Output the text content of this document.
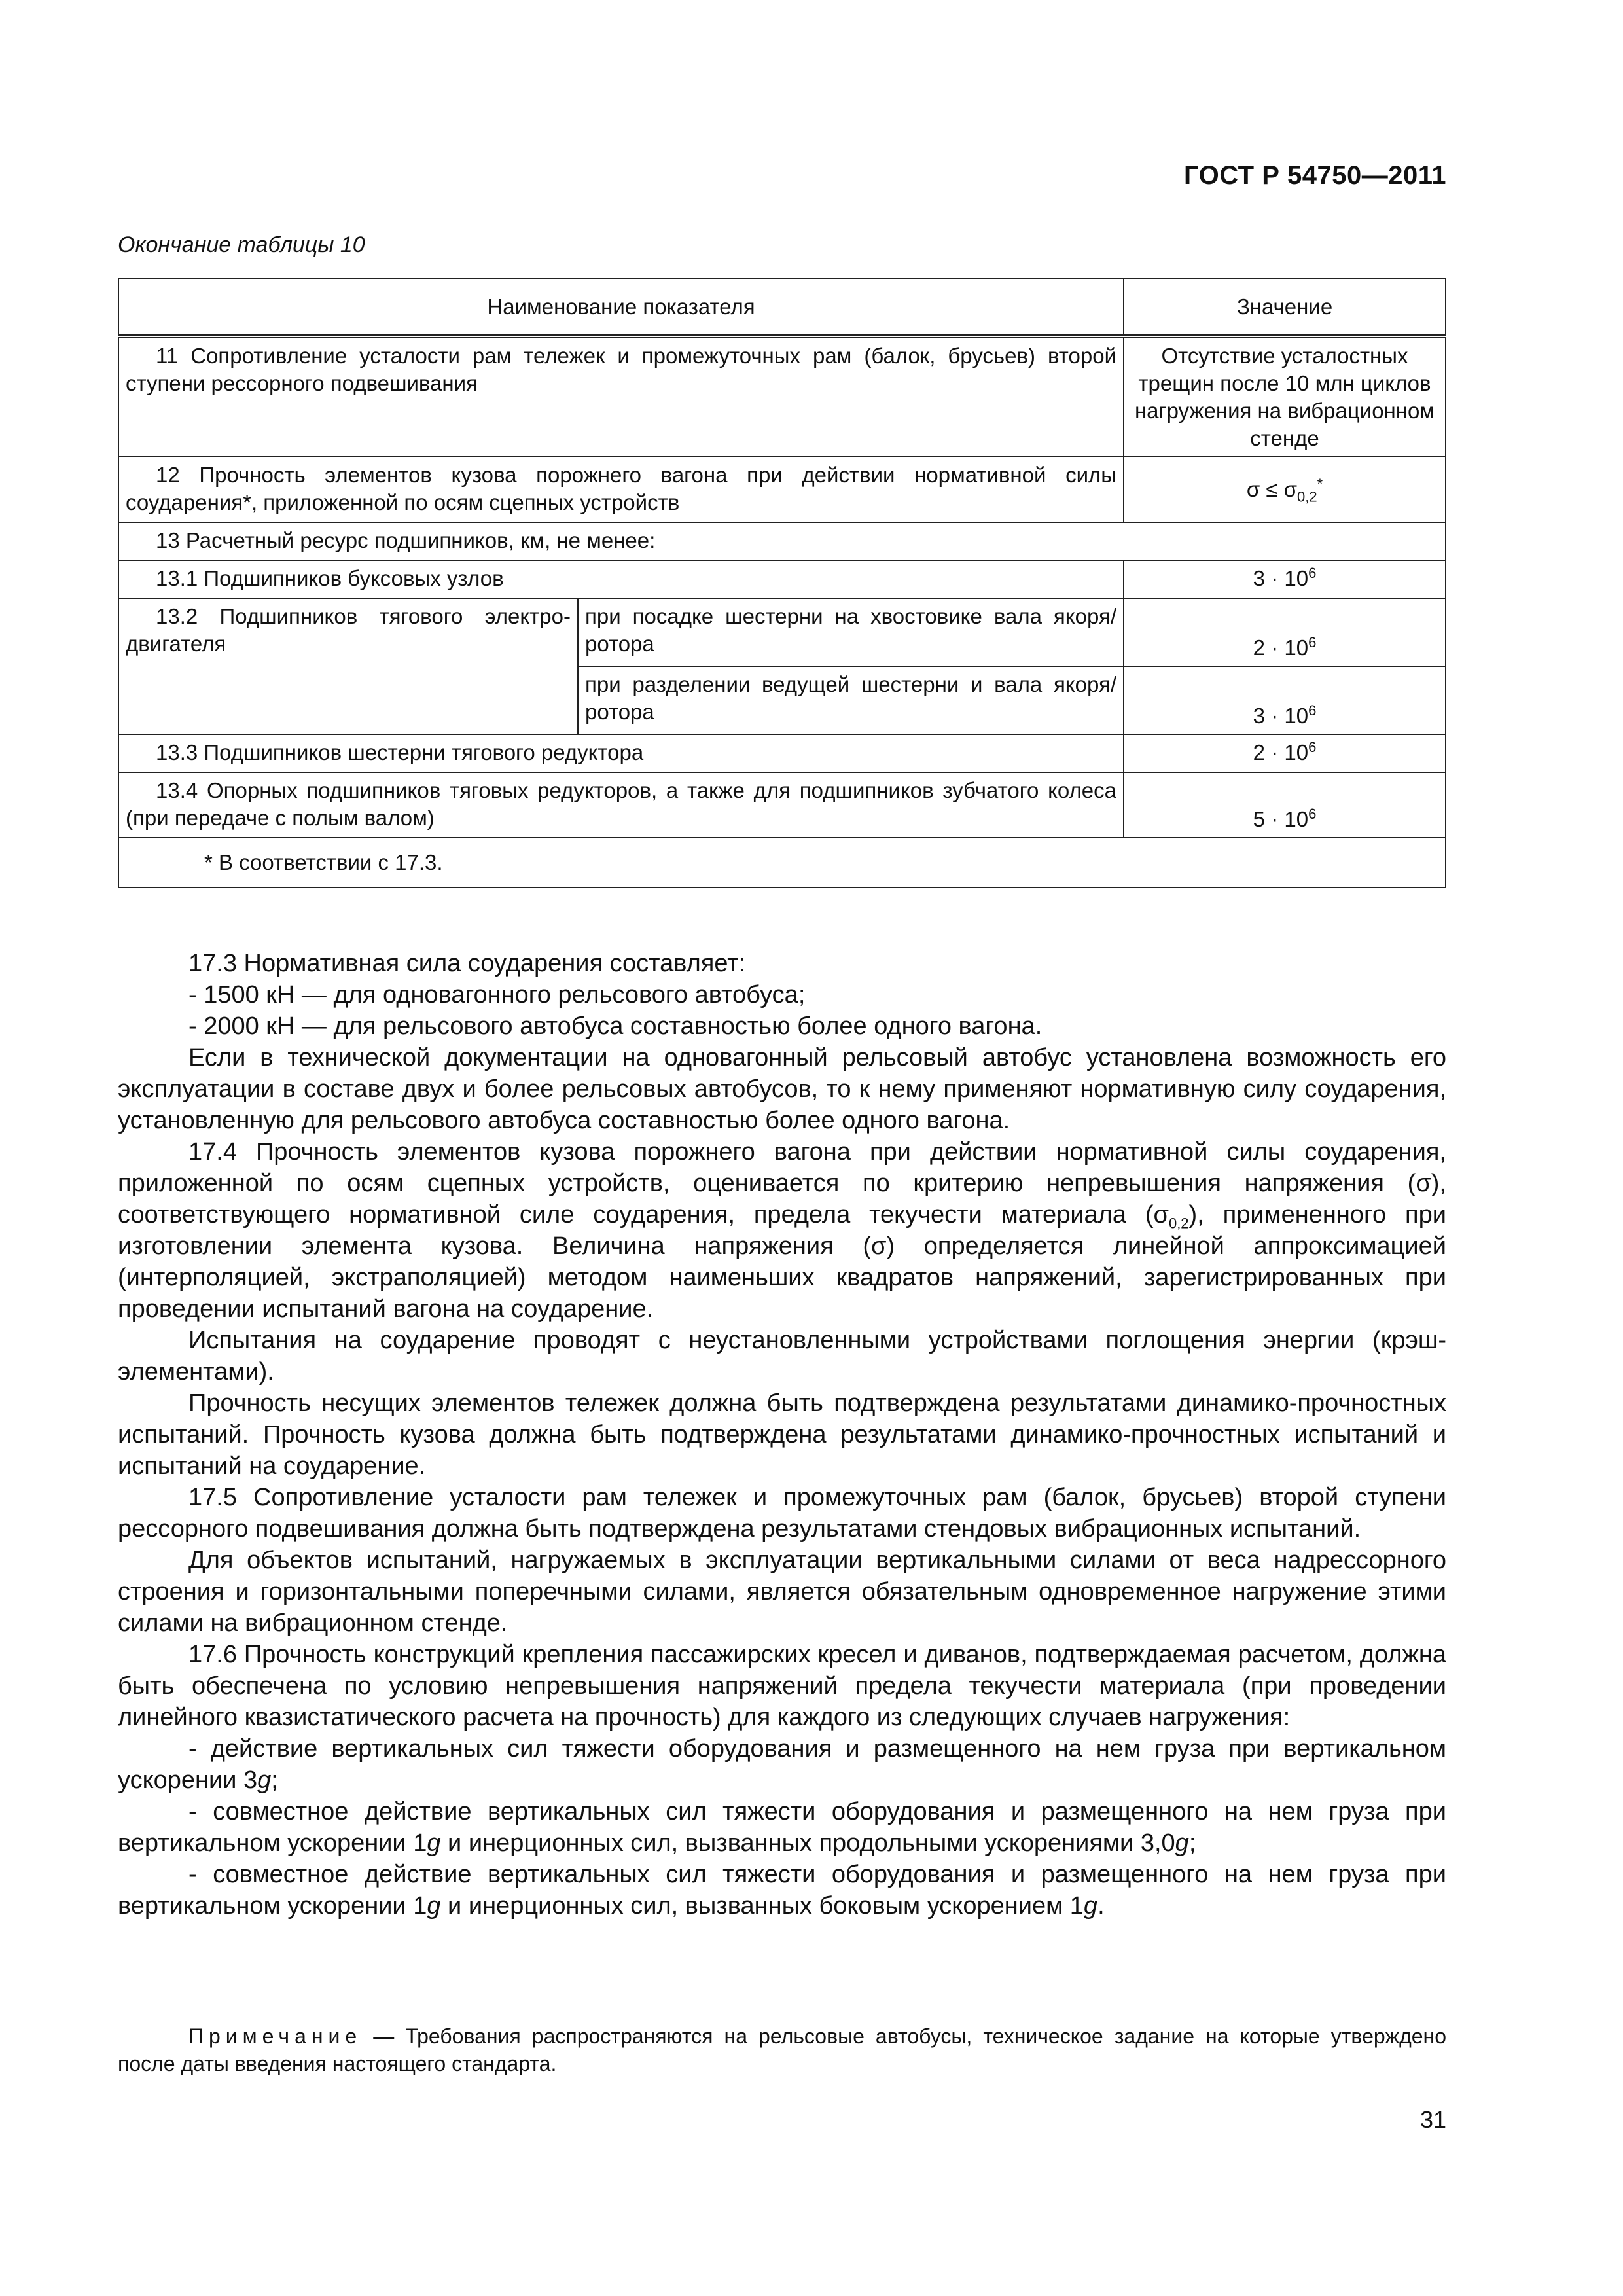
ГОСТ Р 54750—2011
Окончание таблицы 10
Наименование показателя		Значение
11 Сопротивление усталости рам тележек и промежуточных рам (балок, брусьев) второй ступени рессорного подвешивания		Отсутствие усталостных трещин после 10 млн циклов нагружения на вибрационном стенде
12 Прочность элементов кузова порожнего вагона при действии нормативной силы соударения*, приложенной по осям сцепных устройств		$\sigma \le \sigma_{0,2}^*$
13 Расчетный ресурс подшипников, км, не менее:		
13.1 Подшипников буксовых узлов		$3 \cdot 10^6$
13.2 Подшипников тягового электро-двигателя	при посадке шестерни на хвостовике вала якоря/ротора	$2 \cdot 10^6$
	при разделении ведущей шестерни и вала якоря/ротора	$3 \cdot 10^6$
13.3 Подшипников шестерни тягового редуктора		$2 \cdot 10^6$
13.4 Опорных подшипников тяговых редукторов, а также для подшипников зубчатого колеса (при передаче с полым валом)		$5 \cdot 10^6$
* В соответствии с 17.3.		

17.3 Нормативная сила соударения составляет:

- 1500 кН — для одновагонного рельсового автобуса;

- 2000 кН — для рельсового автобуса составностью более одного вагона.

Если в технической документации на одновагонный рельсовый автобус установлена возможность его эксплуатации в составе двух и более рельсовых автобусов, то к нему применяют нормативную силу соударения, установленную для рельсового автобуса составностью более одного вагона.

17.4 Прочность элементов кузова порожнего вагона при действии нормативной силы соударения, приложенной по осям сцепных устройств, оценивается по критерию непревышения напряжения (σ), соответствующего нормативной силе соударения, предела текучести материала $(\sigma_{0,2})$, примененного при изготовлении элемента кузова. Величина напряжения (σ) определяется линейной аппроксимацией (интерполяцией, экстраполяцией) методом наименьших квадратов напряжений, зарегистрированных при проведении испытаний вагона на соударение.

Испытания на соударение проводят с неустановленными устройствами поглощения энергии (крэш-элементами).

Прочность несущих элементов тележек должна быть подтверждена результатами динамико-прочностных испытаний. Прочность кузова должна быть подтверждена результатами динамико-прочностных испытаний и испытаний на соударение.

17.5 Сопротивление усталости рам тележек и промежуточных рам (балок, брусьев) второй ступени рессорного подвешивания должна быть подтверждена результатами стендовых вибрационных испытаний.

Для объектов испытаний, нагружаемых в эксплуатации вертикальными силами от веса надрессорного строения и горизонтальными поперечными силами, является обязательным одновременное нагружение этими силами на вибрационном стенде.

17.6 Прочность конструкций крепления пассажирских кресел и диванов, подтверждаемая расчетом, должна быть обеспечена по условию непревышения напряжений предела текучести материала (при проведении линейного квазистатического расчета на прочность) для каждого из следующих случаев нагружения:

- действие вертикальных сил тяжести оборудования и размещенного на нем груза при вертикальном ускорении 3g;

- совместное действие вертикальных сил тяжести оборудования и размещенного на нем груза при вертикальном ускорении 1g и инерционных сил, вызванных продольными ускорениями 3,0g;

- совместное действие вертикальных сил тяжести оборудования и размещенного на нем груза при вертикальном ускорении 1g и инерционных сил, вызванных боковым ускорением 1g.

Примечание — Требования распространяются на рельсовые автобусы, техническое задание на которые утверждено после даты введения настоящего стандарта.
31
